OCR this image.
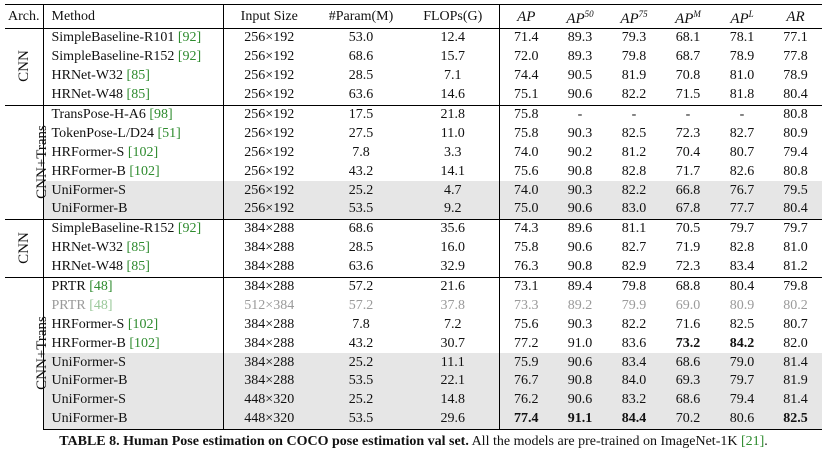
Arch.	Method	Input Size	#Param(M)	FLOPs(G)	AP	AP$^{50}$	AP$^{75}$	$AP^M$	$AP^L$	AR
CNN	SimpleBaseline-R101 [92]	256×192	53.0	12.4	71.4	89.3	79.3	68.1	78.1	77.1
	SimpleBaseline-R152 [92]	256×192	68.6	15.7	72.0	89.3	79.8	68.7	78.9	77.8
	HRNet-W32 [85]	256×192	28.5	7.1	74.4	90.5	81.9	70.8	81.0	78.9
	HRNet-W48 [85]	256×192	63.6	14.6	75.1	90.6	82.2	71.5	81.8	80.4
CNN+Trans	TransPose-H-A6 [98]	256×192	17.5	21.8	75.8	-	-	-	-	80.8
	TokenPose-L/D24 [51]	256×192	27.5	11.0	75.8	90.3	82.5	72.3	82.7	80.9
	HRFormer-S [102]	256×192	7.8	3.3	74.0	90.2	81.2	70.4	80.7	79.4
	HRFormer-B [102]	256×192	43.2	14.1	75.6	90.8	82.8	71.7	82.6	80.8
	UniFormer-S	256×192	25.2	4.7	74.0	90.3	82.2	66.8	76.7	79.5
	UniFormer-B	256×192	53.5	9.2	75.0	90.6	83.0	67.8	77.7	80.4
CNN	SimpleBaseline-R152 [92]	384×288	68.6	35.6	74.3	89.6	81.1	70.5	79.7	79.7
	HRNet-W32 [85]	384×288	28.5	16.0	75.8	90.6	82.7	71.9	82.8	81.0
	HRNet-W48 [85]	384×288	63.6	32.9	76.3	90.8	82.9	72.3	83.4	81.2
CNN+Trans	PRTR [48]	384×288	57.2	21.6	73.1	89.4	79.8	68.8	80.4	79.8
	PRTR [48]	512×384	57.2	37.8	73.3	89.2	79.9	69.0	80.9	80.2
	HRFormer-S [102]	384×288	7.8	7.2	75.6	90.3	82.2	71.6	82.5	80.7
	HRFormer-B [102]	384×288	43.2	30.7	77.2	91.0	83.6	73.2	84.2	82.0
	UniFormer-S	384×288	25.2	11.1	75.9	90.6	83.4	68.6	79.0	81.4
	UniFormer-B	384×288	53.5	22.1	76.7	90.8	84.0	69.3	79.7	81.9
	UniFormer-S	448×320	25.2	14.8	76.2	90.6	83.2	68.6	79.4	81.4
	UniFormer-B	448×320	53.5	29.6	77.4	91.1	84.4	70.2	80.6	82.5
TABLE 8. Human Pose estimation on COCO pose estimation val set. All the models are pre-trained on ImageNet-1K [21].
